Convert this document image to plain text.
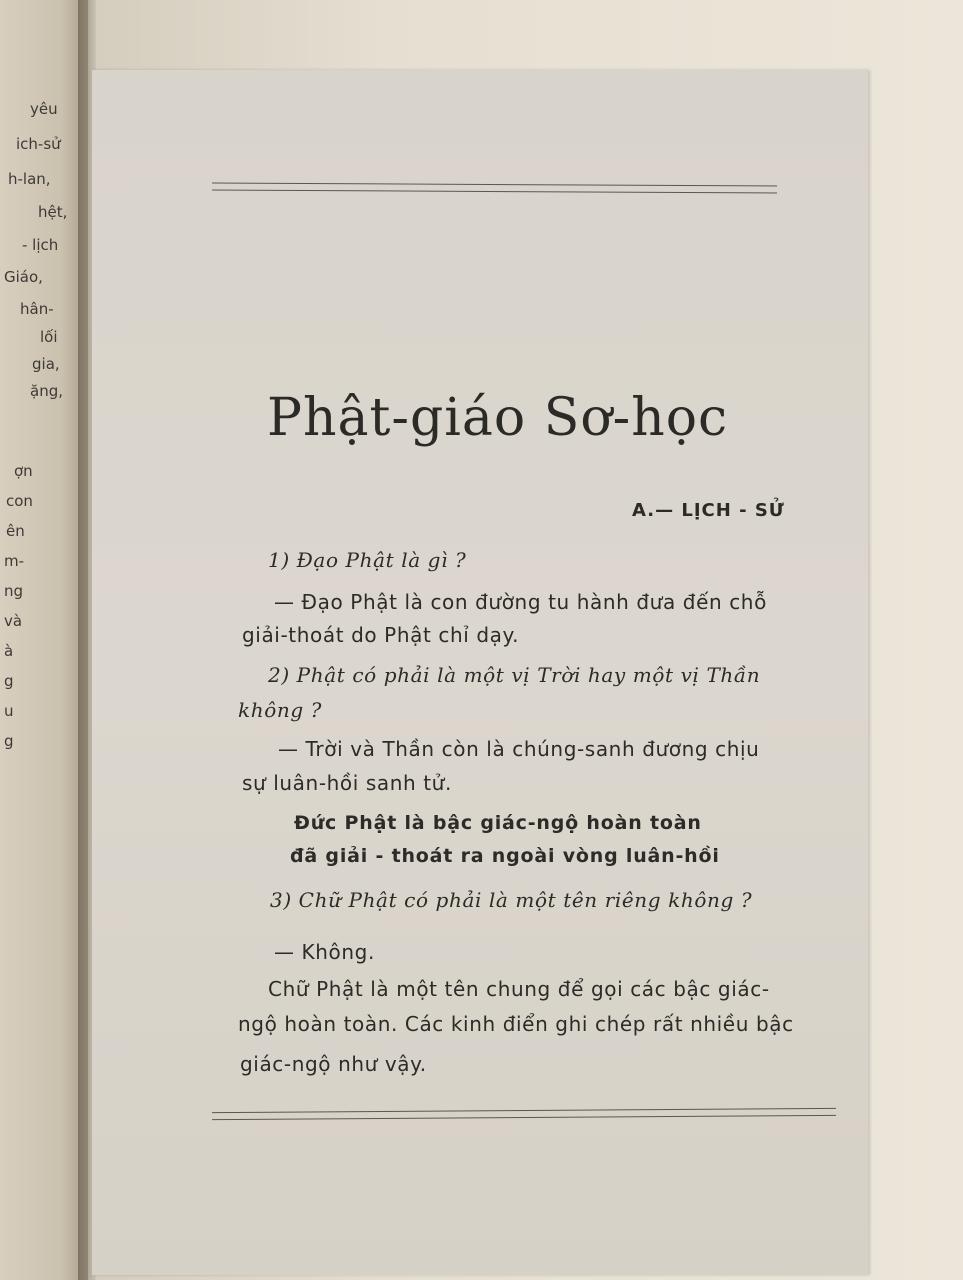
yêu
ich-sử
h-lan,
hệt,
- lịch
Giáo,
hân-
lối
gia,
ặng,
ợn
con
ên
m-
ng
và
à
g
u
g
Phật-giáo Sơ-học
A.— LỊCH - SỬ
1) Đạo Phật là gì ?
— Đạo Phật là con đường tu hành đưa đến chỗ
giải-thoát do Phật chỉ dạy.
2) Phật có phải là một vị Trời hay một vị Thần
không ?
— Trời và Thần còn là chúng-sanh đương chịu
sự luân-hồi sanh tử.
Đức Phật là bậc giác-ngộ hoàn toàn
đã giải - thoát ra ngoài vòng luân-hồi
3) Chữ Phật có phải là một tên riêng không ?
— Không.
Chữ Phật là một tên chung để gọi các bậc giác-
ngộ hoàn toàn. Các kinh điển ghi chép rất nhiều bậc
giác-ngộ như vậy.
